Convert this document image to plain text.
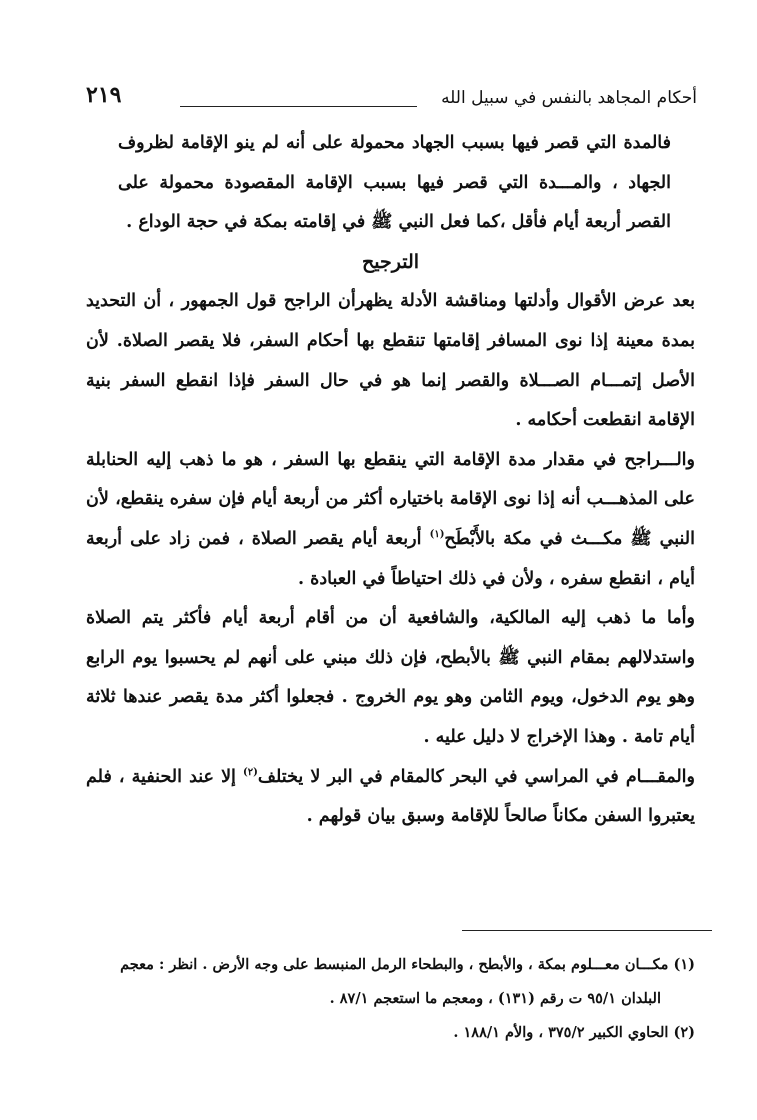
٢١٩	أحكام المجاهد بالنفس في سبيل الله

فالمدة التي قصر فيها بسبب الجهاد محمولة على أنه لم ينو الإقامة لظروف الجهاد ، والمـــدة التي قصر فيها بسبب الإقامة المقصودة محمولة على القصر أربعة أيام فأقل ،كما فعل النبي ﷺ في إقامته بمكة في حجة الوداع .

الترجيح

بعد عرض الأقوال وأدلتها ومناقشة الأدلة يظهرأن الراجح قول الجمهور ، أن التحديد بمدة معينة إذا نوى المسافر إقامتها تنقطع بها أحكام السفر، فلا يقصر الصلاة. لأن الأصل إتمـــام الصـــلاة والقصر إنما هو في حال السفر فإذا انقطع السفر بنية الإقامة انقطعت أحكامه .

والـــراجح في مقدار مدة الإقامة التي ينقطع بها السفر ، هو ما ذهب إليه الحنابلة على المذهـــب أنه إذا نوى الإقامة باختياره أكثر من أربعة أيام فإن سفره ينقطع، لأن النبي ﷺ مكـــث في مكة بالأَبْطَح$^{(١)}$ أربعة أيام يقصر الصلاة ، فمن زاد على أربعة أيام ، انقطع سفره ، ولأن في ذلك احتياطاً في العبادة .

وأما ما ذهب إليه المالكية، والشافعية أن من أقام أربعة أيام فأكثر يتم الصلاة واستدلالهم بمقام النبي ﷺ بالأبطح، فإن ذلك مبني على أنهم لم يحسبوا يوم الرابع وهو يوم الدخول، ويوم الثامن وهو يوم الخروج . فجعلوا أكثر مدة يقصر عندها ثلاثة أيام تامة . وهذا الإخراج لا دليل عليه .

والمقـــام في المراسي في البحر كالمقام في البر لا يختلف$^{(٢)}$ إلا عند الحنفية ، فلم يعتبروا السفن مكاناً صالحاً للإقامة وسبق بيان قولهم .

(١) مكـــان معـــلوم بمكة ، والأبطح ، والبطحاء الرمل المنبسط على وجه الأرض . انظر : معجم

البلدان ٩٥/١ ت رقم (١٣١) ، ومعجم ما استعجم ٨٧/١ .

(٢) الحاوي الكبير ٣٧٥/٢ ، والأم ١٨٨/١ .
